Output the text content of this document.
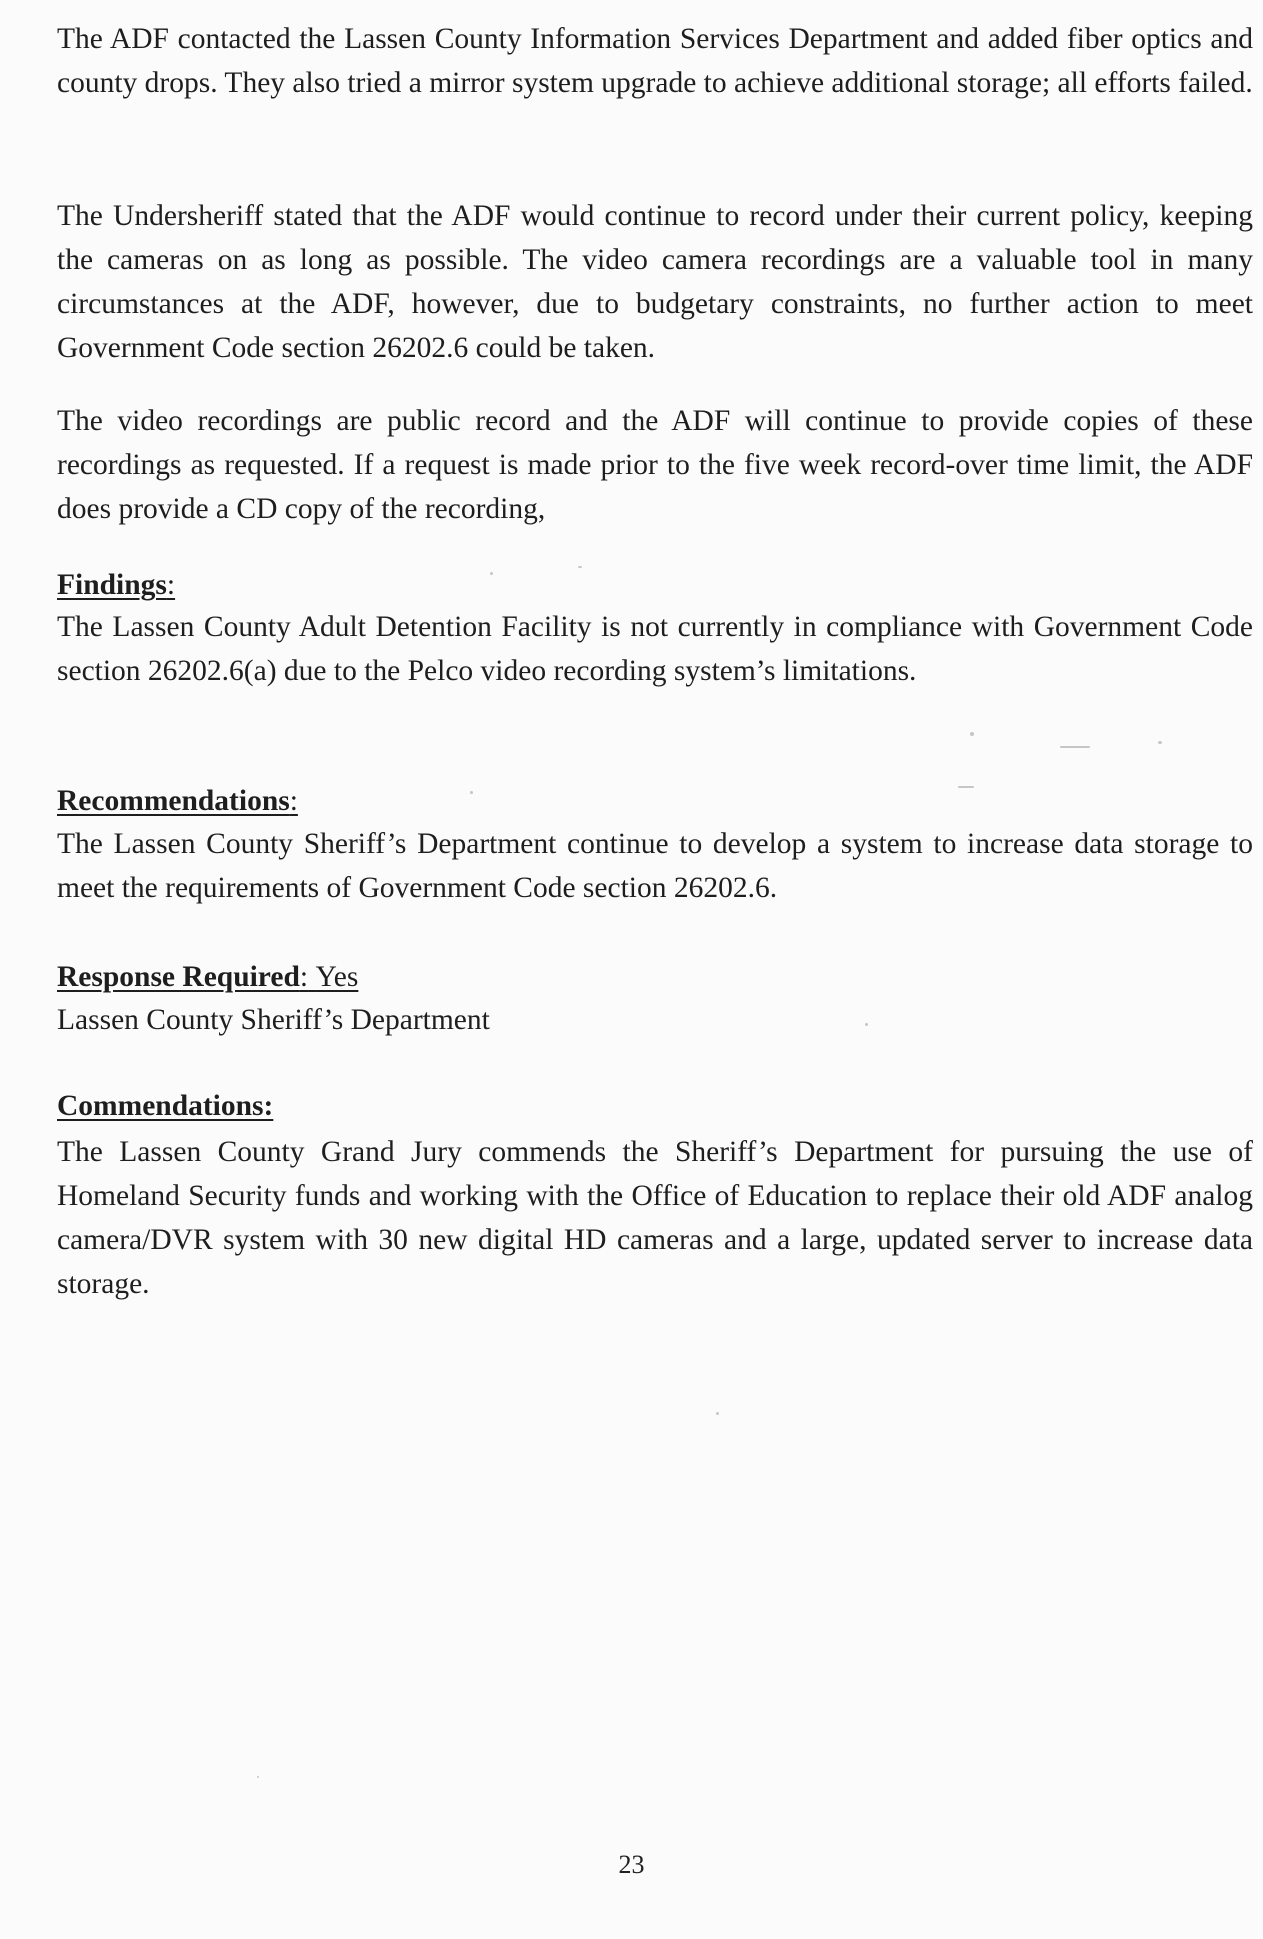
The ADF contacted the Lassen County Information Services Department and added fiber optics and county drops. They also tried a mirror system upgrade to achieve additional storage; all efforts failed.

The Undersheriff stated that the ADF would continue to record under their current policy, keeping the cameras on as long as possible. The video camera recordings are a valuable tool in many circumstances at the ADF, however, due to budgetary constraints, no further action to meet Government Code section 26202.6 could be taken.

The video recordings are public record and the ADF will continue to provide copies of these recordings as requested. If a request is made prior to the five week record-over time limit, the ADF does provide a CD copy of the recording,

Findings:

The Lassen County Adult Detention Facility is not currently in compliance with Government Code section 26202.6(a) due to the Pelco video recording system’s limitations.

Recommendations:

The Lassen County Sheriff’s Department continue to develop a system to increase data storage to meet the requirements of Government Code section 26202.6.

Response Required: Yes

Lassen County Sheriff’s Department

Commendations:

The Lassen County Grand Jury commends the Sheriff’s Department for pursuing the use of Homeland Security funds and working with the Office of Education to replace their old ADF analog camera/DVR system with 30 new digital HD cameras and a large, updated server to increase data storage.

23
